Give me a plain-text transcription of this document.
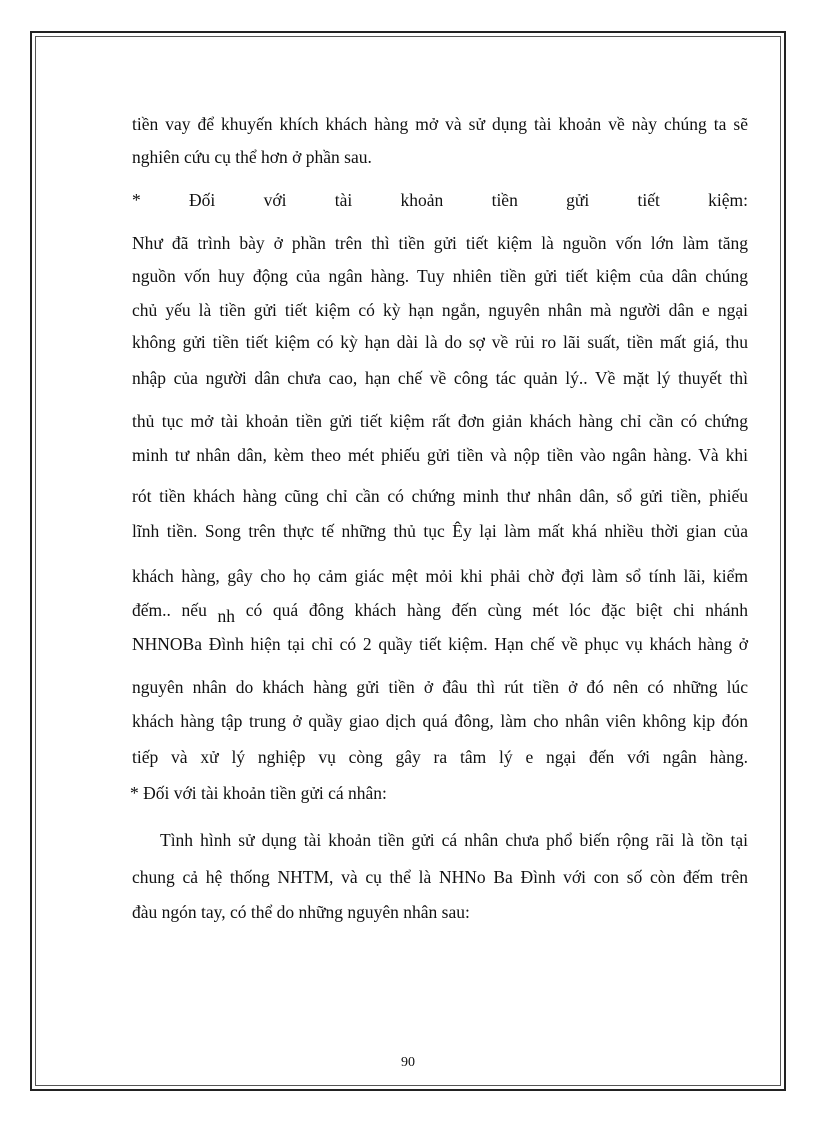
tiền vay để khuyến khích khách hàng mở và sử dụng tài khoản về này chúng ta sẽ
nghiên cứu cụ thể hơn ở phần sau.
* Đối với tài khoản tiền gửi tiết kiệm:
Như đã trình bày ở phần trên thì tiền gửi tiết kiệm là nguồn vốn lớn làm tăng
nguồn vốn huy động của ngân hàng. Tuy nhiên tiền gửi tiết kiệm của dân chúng
chủ yếu là tiền gửi tiết kiệm có kỳ hạn ngắn, nguyên nhân mà người dân e ngại
không gửi tiền tiết kiệm có kỳ hạn dài là do sợ về rủi ro lãi suất, tiền mất giá, thu
nhập của người dân chưa cao, hạn chế về công tác quản lý.. Về mặt lý thuyết thì
thủ tục mở tài khoản tiền gửi tiết kiệm rất đơn giản khách hàng chỉ cần có chứng
minh tư nhân dân, kèm theo mét phiếu gửi tiền và nộp tiền vào ngân hàng. Và khi
rót tiền khách hàng cũng chỉ cần có chứng minh thư nhân dân, sổ gửi tiền, phiếu
lĩnh tiền. Song trên thực tế những thủ tục Êy lại làm mất khá nhiều thời gian của
khách hàng, gây cho họ cảm giác mệt mỏi khi phải chờ đợi làm sổ tính lãi, kiểm
đếm.. nếu nh có quá đông khách hàng đến cùng mét lóc đặc biệt chi nhánh
NHNOBa Đình hiện tại chỉ có 2 quầy tiết kiệm. Hạn chế về phục vụ khách hàng ở
nguyên nhân do khách hàng gửi tiền ở đâu thì rút tiền ở đó nên có những lúc
khách hàng tập trung ở quầy giao dịch quá đông, làm cho nhân viên không kịp đón
tiếp và xử lý nghiệp vụ còng gây ra tâm lý e ngại đến với ngân hàng.
* Đối với tài khoản tiền gửi cá nhân:
Tình hình sử dụng tài khoản tiền gửi cá nhân chưa phổ biến rộng rãi là tồn tại
chung cả hệ thống NHTM, và cụ thể là NHNo Ba Đình với con số còn đếm trên
đàu ngón tay, có thể do những nguyên nhân sau:
90
